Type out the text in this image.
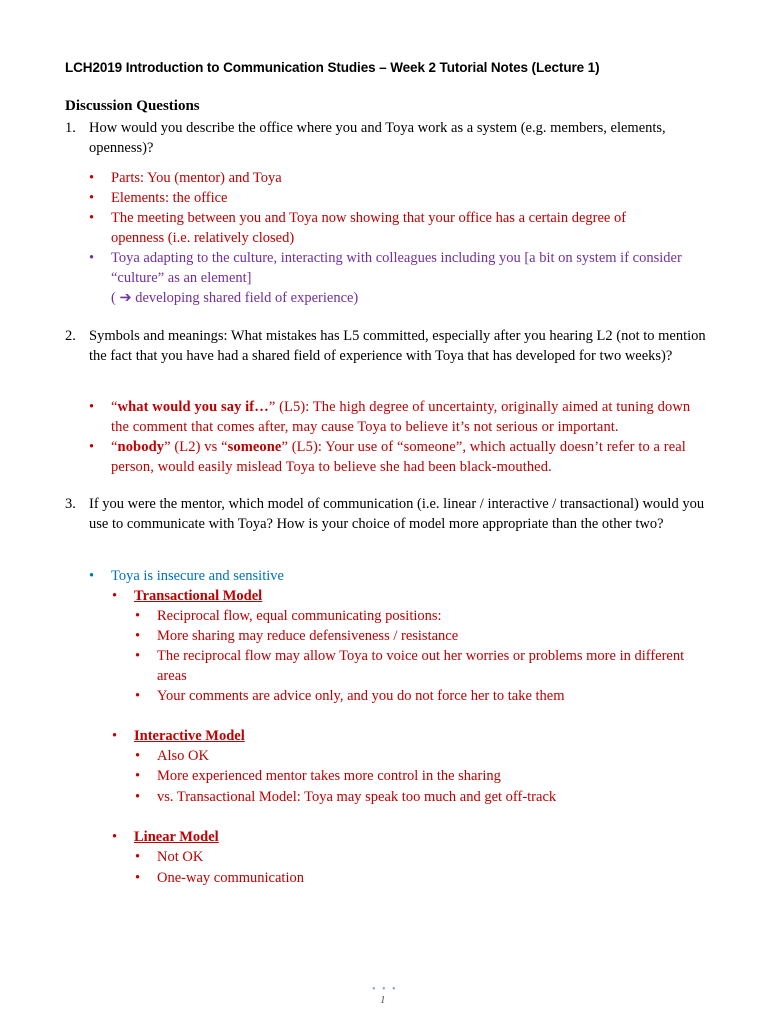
LCH2019 Introduction to Communication Studies – Week 2 Tutorial Notes (Lecture 1)
Discussion Questions
1. How would you describe the office where you and Toya work as a system (e.g. members, elements, openness)?
• Parts: You (mentor) and Toya
• Elements: the office
• The meeting between you and Toya now showing that your office has a certain degree of openness (i.e. relatively closed)
• Toya adapting to the culture, interacting with colleagues including you [a bit on system if consider “culture” as an element]
( ➔ developing shared field of experience)
2. Symbols and meanings: What mistakes has L5 committed, especially after you hearing L2 (not to mention the fact that you have had a shared field of experience with Toya that has developed for two weeks)?
• “what would you say if…” (L5): The high degree of uncertainty, originally aimed at tuning down the comment that comes after, may cause Toya to believe it’s not serious or important.
• “nobody” (L2) vs “someone” (L5): Your use of “someone”, which actually doesn’t refer to a real person, would easily mislead Toya to believe she had been black-mouthed.
3. If you were the mentor, which model of communication (i.e. linear / interactive / transactional) would you use to communicate with Toya? How is your choice of model more appropriate than the other two?
• Toya is insecure and sensitive
• Transactional Model
• Reciprocal flow, equal communicating positions:
• More sharing may reduce defensiveness / resistance
• The reciprocal flow may allow Toya to voice out her worries or problems more in different areas
• Your comments are advice only, and you do not force her to take them
• Interactive Model
• Also OK
• More experienced mentor takes more control in the sharing
• vs. Transactional Model: Toya may speak too much and get off-track
• Linear Model
• Not OK
• One-way communication
• • •
1
